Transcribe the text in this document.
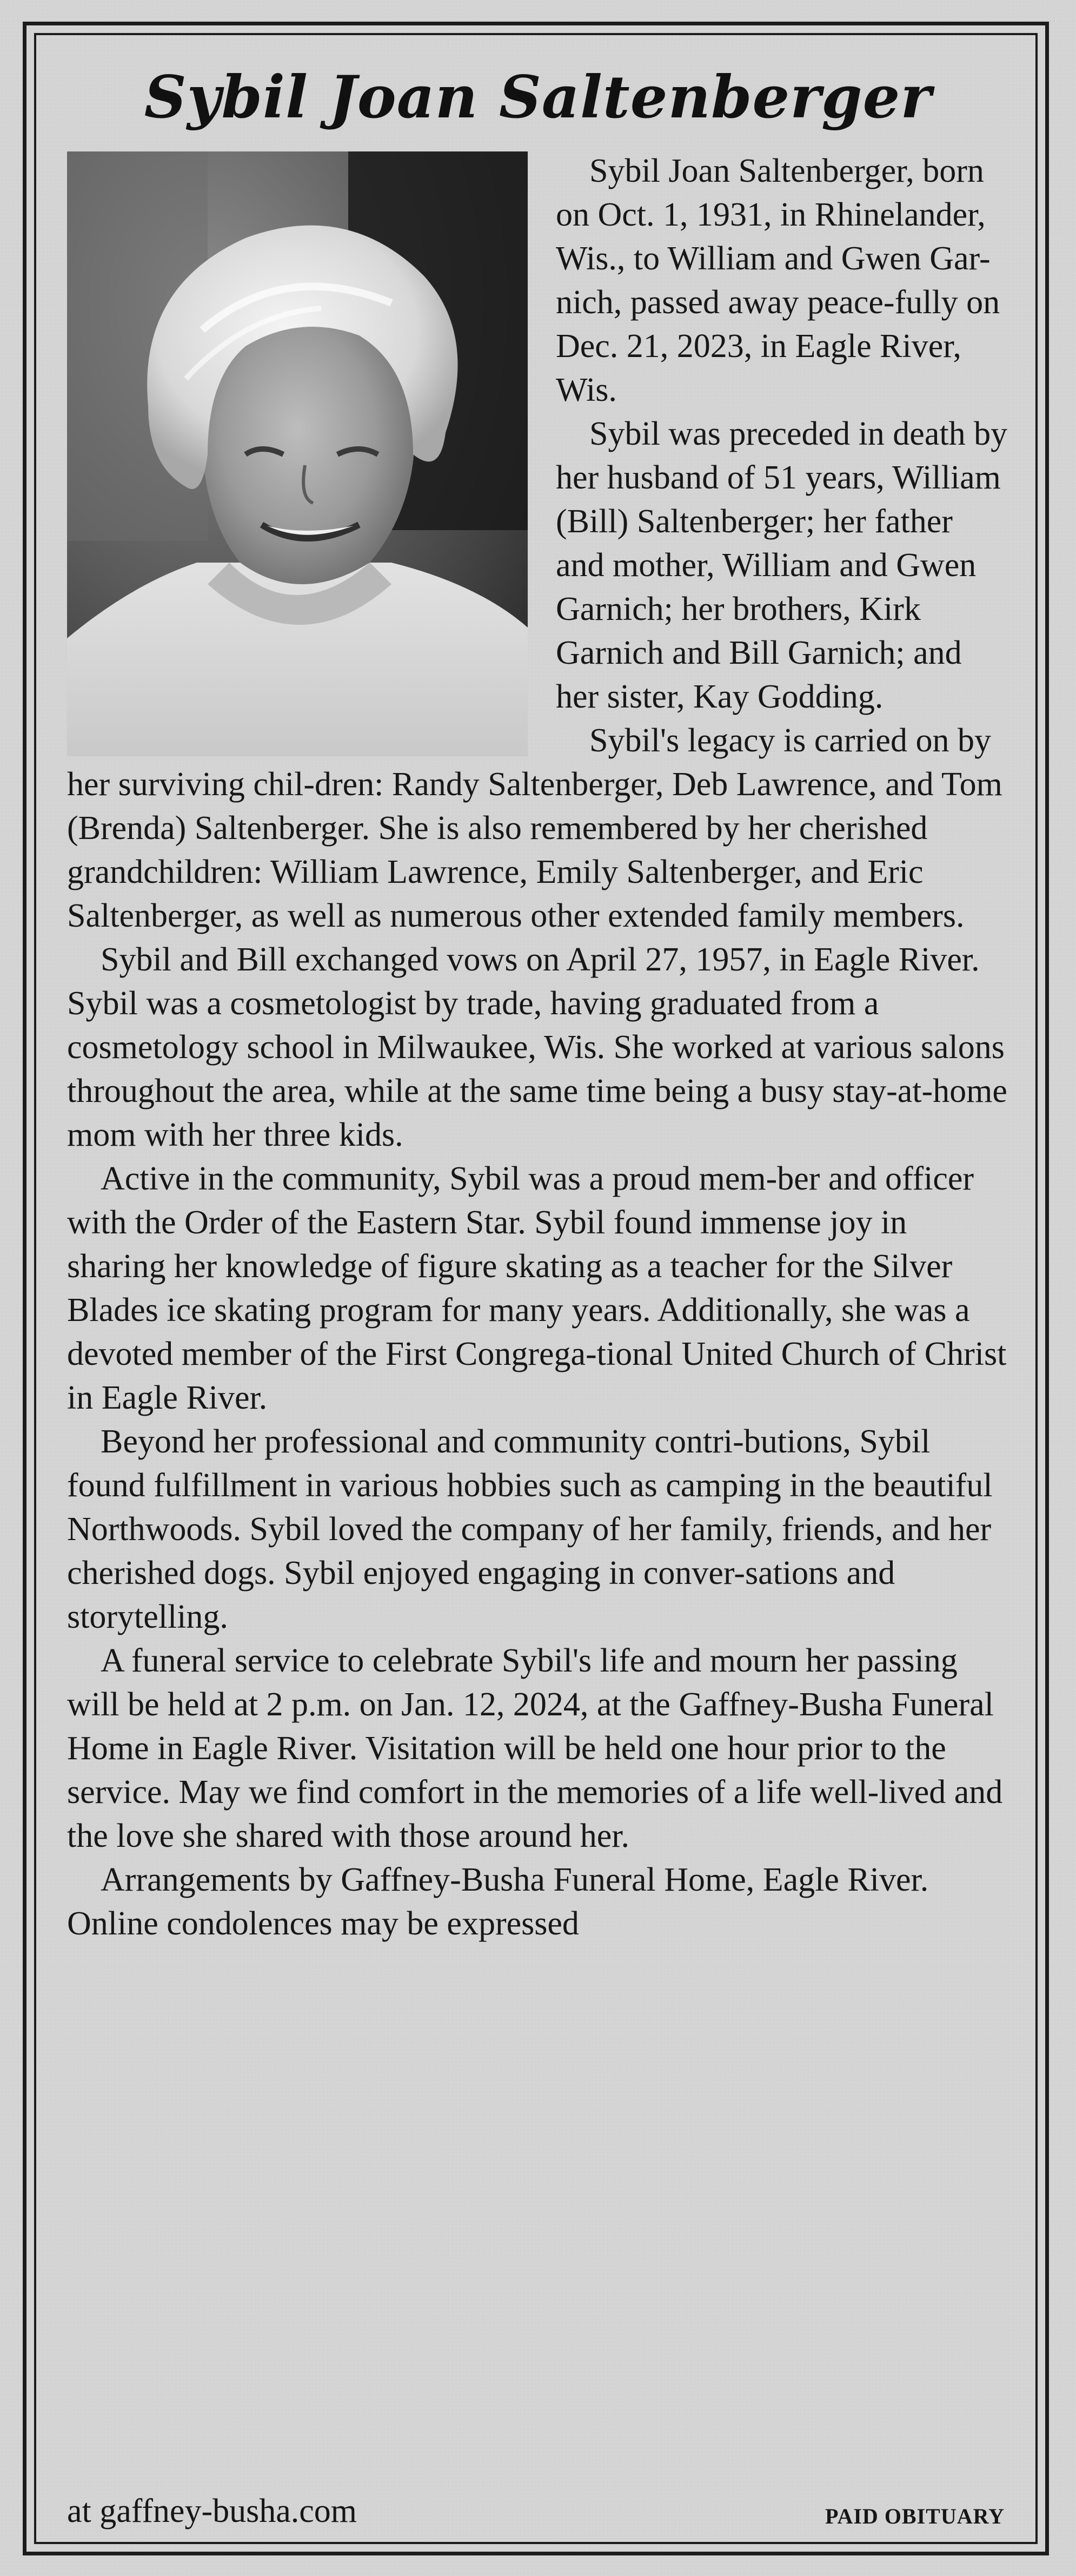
Sybil Joan Saltenberger

Sybil Joan Saltenberger, born on Oct. 1, 1931, in Rhinelander, Wis., to William and Gwen Gar-nich, passed away peace-fully on Dec. 21, 2023, in Eagle River, Wis.

Sybil was preceded in death by her husband of 51 years, William (Bill) Saltenberger; her father and mother, William and Gwen Garnich; her brothers, Kirk Garnich and Bill Garnich; and her sister, Kay Godding.

Sybil's legacy is carried on by her surviving chil-dren: Randy Saltenberger, Deb Lawrence, and Tom (Brenda) Saltenberger. She is also remembered by her cherished grandchildren: William Lawrence, Emily Saltenberger, and Eric Saltenberger, as well as numerous other extended family members.

Sybil and Bill exchanged vows on April 27, 1957, in Eagle River. Sybil was a cosmetologist by trade, having graduated from a cosmetology school in Milwaukee, Wis. She worked at various salons throughout the area, while at the same time being a busy stay-at-home mom with her three kids.

Active in the community, Sybil was a proud mem-ber and officer with the Order of the Eastern Star. Sybil found immense joy in sharing her knowledge of figure skating as a teacher for the Silver Blades ice skating program for many years. Additionally, she was a devoted member of the First Congrega-tional United Church of Christ in Eagle River.

Beyond her professional and community contri-butions, Sybil found fulfillment in various hobbies such as camping in the beautiful Northwoods. Sybil loved the company of her family, friends, and her cherished dogs. Sybil enjoyed engaging in conver-sations and storytelling.

A funeral service to celebrate Sybil's life and mourn her passing will be held at 2 p.m. on Jan. 12, 2024, at the Gaffney-Busha Funeral Home in Eagle River. Visitation will be held one hour prior to the service. May we find comfort in the memories of a life well-lived and the love she shared with those around her.

Arrangements by Gaffney-Busha Funeral Home, Eagle River. Online condolences may be expressed

at gaffney-busha.com	PAID OBITUARY
